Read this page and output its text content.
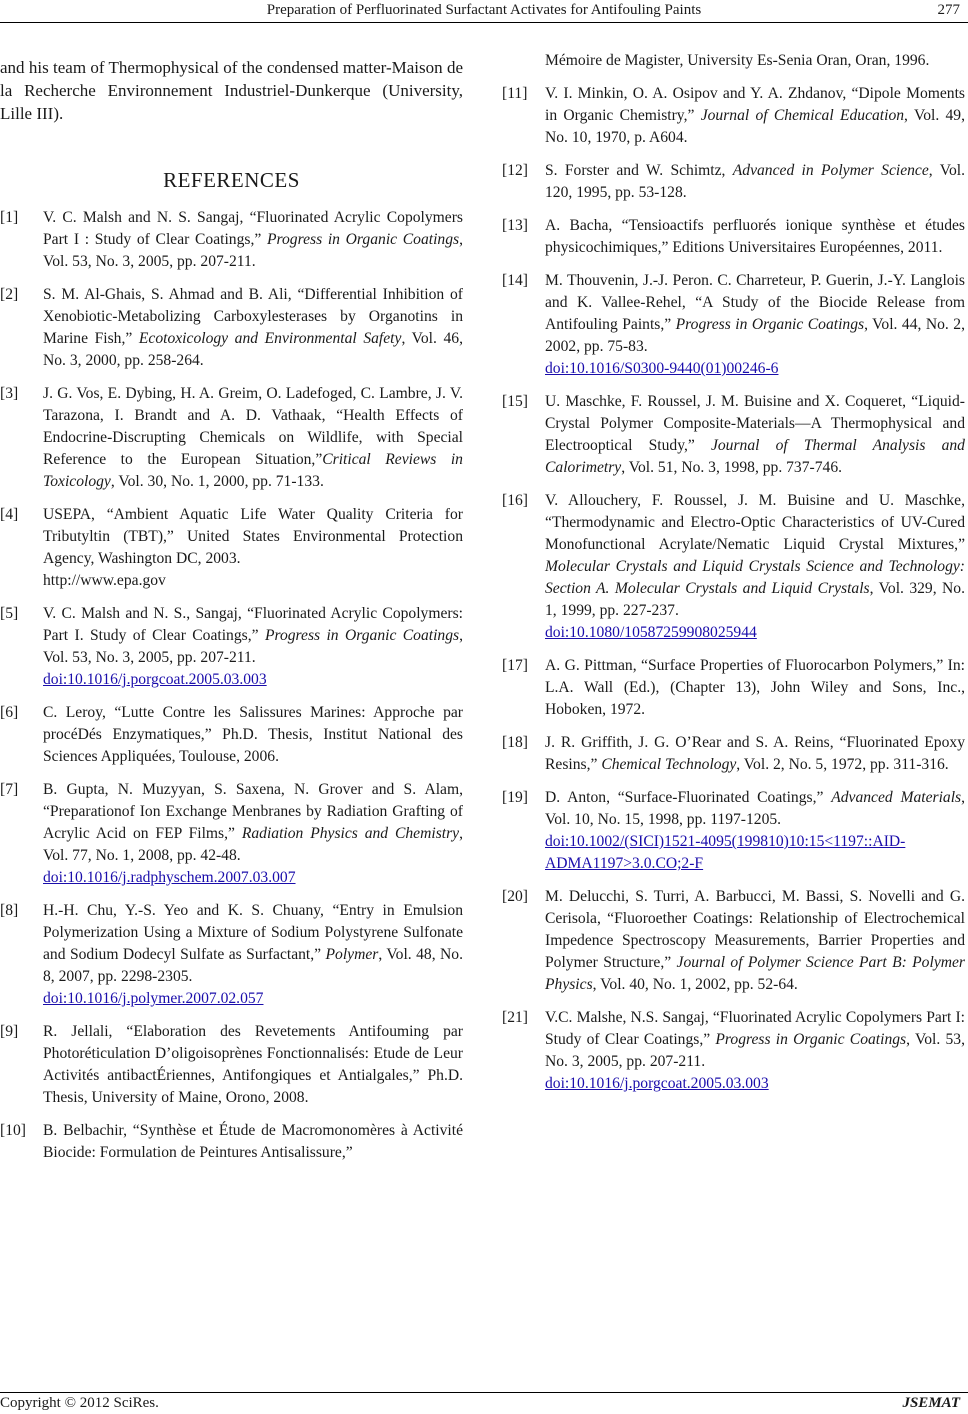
Preparation of Perfluorinated Surfactant Activates for Antifouling Paints	277

and his team of Thermophysical of the condensed matter-Maison de la Recherche Environnement Industriel-Dunkerque (University, Lille III).

REFERENCES
[1]	V. C. Malsh and N. S. Sangaj, “Fluorinated Acrylic Copolymers Part I : Study of Clear Coatings,” Progress in Organic Coatings, Vol. 53, No. 3, 2005, pp. 207-211.
[2]	S. M. Al-Ghais, S. Ahmad and B. Ali, “Differential Inhibition of Xenobiotic-Metabolizing Carboxylesterases by Organotins in Marine Fish,” Ecotoxicology and Environmental Safety, Vol. 46, No. 3, 2000, pp. 258-264.
[3]	J. G. Vos, E. Dybing, H. A. Greim, O. Ladefoged, C. Lambre, J. V. Tarazona, I. Brandt and A. D. Vathaak, “Health Effects of Endocrine-Discrupting Chemicals on Wildlife, with Special Reference to the European Situation,”Critical Reviews in Toxicology, Vol. 30, No. 1, 2000, pp. 71-133.
[4]	USEPA, “Ambient Aquatic Life Water Quality Criteria for Tributyltin (TBT),” United States Environmental Protection Agency, Washington DC, 2003.
http://www.epa.gov
[5]	V. C. Malsh and N. S., Sangaj, “Fluorinated Acrylic Copolymers: Part I. Study of Clear Coatings,” Progress in Organic Coatings, Vol. 53, No. 3, 2005, pp. 207-211.
doi:10.1016/j.porgcoat.2005.03.003
[6]	C. Leroy, “Lutte Contre les Salissures Marines: Approche par procéDés Enzymatiques,” Ph.D. Thesis, Institut National des Sciences Appliquées, Toulouse, 2006.
[7]	B. Gupta, N. Muzyyan, S. Saxena, N. Grover and S. Alam, “Preparationof Ion Exchange Menbranes by Radiation Grafting of Acrylic Acid on FEP Films,” Radiation Physics and Chemistry, Vol. 77, No. 1, 2008, pp. 42-48.
doi:10.1016/j.radphyschem.2007.03.007
[8]	H.-H. Chu, Y.-S. Yeo and K. S. Chuany, “Entry in Emulsion Polymerization Using a Mixture of Sodium Polystyrene Sulfonate and Sodium Dodecyl Sulfate as Surfactant,” Polymer, Vol. 48, No. 8, 2007, pp. 2298-2305.
doi:10.1016/j.polymer.2007.02.057
[9]	R. Jellali, “Elaboration des Revetements Antifouming par Photoréticulation D’oligoisoprènes Fonctionnalisés: Etude de Leur Activités antibactÉriennes, Antifongiques et Antialgales,” Ph.D. Thesis, University of Maine, Orono, 2008.
[10]	B. Belbachir, “Synthèse et Étude de Macromonomères à Activité Biocide: Formulation de Peintures Antisalissure,”
Mémoire de Magister, University Es-Senia Oran, Oran, 1996.
[11]	V. I. Minkin, O. A. Osipov and Y. A. Zhdanov, “Dipole Moments in Organic Chemistry,” Journal of Chemical Education, Vol. 49, No. 10, 1970, p. A604.
[12]	S. Forster and W. Schimtz, Advanced in Polymer Science, Vol. 120, 1995, pp. 53-128.
[13]	A. Bacha, “Tensioactifs perfluorés ionique synthèse et études physicochimiques,” Editions Universitaires Européennes, 2011.
[14]	M. Thouvenin, J.-J. Peron. C. Charreteur, P. Guerin, J.-Y. Langlois and K. Vallee-Rehel, “A Study of the Biocide Release from Antifouling Paints,” Progress in Organic Coatings, Vol. 44, No. 2, 2002, pp. 75-83.
doi:10.1016/S0300-9440(01)00246-6
[15]	U. Maschke, F. Roussel, J. M. Buisine and X. Coqueret, “Liquid-Crystal Polymer Composite-Materials—A Thermophysical and Electrooptical Study,” Journal of Thermal Analysis and Calorimetry, Vol. 51, No. 3, 1998, pp. 737-746.
[16]	V. Allouchery, F. Roussel, J. M. Buisine and U. Maschke, “Thermodynamic and Electro-Optic Characteristics of UV-Cured Monofunctional Acrylate/Nematic Liquid Crystal Mixtures,” Molecular Crystals and Liquid Crystals Science and Technology: Section A. Molecular Crystals and Liquid Crystals, Vol. 329, No. 1, 1999, pp. 227-237.
doi:10.1080/10587259908025944
[17]	A. G. Pittman, “Surface Properties of Fluorocarbon Polymers,” In: L.A. Wall (Ed.), (Chapter 13), John Wiley and Sons, Inc., Hoboken, 1972.
[18]	J. R. Griffith, J. G. O’Rear and S. A. Reins, “Fluorinated Epoxy Resins,” Chemical Technology, Vol. 2, No. 5, 1972, pp. 311-316.
[19]	D. Anton, “Surface-Fluorinated Coatings,” Advanced Materials, Vol. 10, No. 15, 1998, pp. 1197-1205.
doi:10.1002/(SICI)1521-4095(199810)10:15<1197::AID-ADMA1197>3.0.CO;2-F
[20]	M. Delucchi, S. Turri, A. Barbucci, M. Bassi, S. Novelli and G. Cerisola, “Fluoroether Coatings: Relationship of Electrochemical Impedence Spectroscopy Measurements, Barrier Properties and Polymer Structure,” Journal of Polymer Science Part B: Polymer Physics, Vol. 40, No. 1, 2002, pp. 52-64.
[21]	V.C. Malshe, N.S. Sangaj, “Fluorinated Acrylic Copolymers Part I: Study of Clear Coatings,” Progress in Organic Coatings, Vol. 53, No. 3, 2005, pp. 207-211.
doi:10.1016/j.porgcoat.2005.03.003
Copyright © 2012 SciRes.	JSEMAT
